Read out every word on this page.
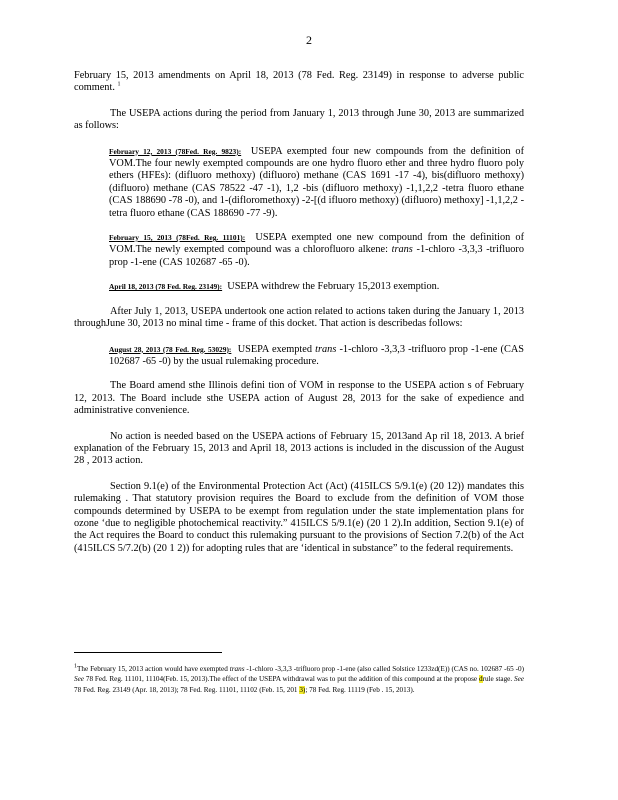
2

February 15, 2013 amendments on April 18, 2013 (78 Fed. Reg. 23149) in response to adverse public comment. $^1$

The USEPA actions during the period from January 1, 2013 through June 30, 2013 are summarized as follows:

February 12, 2013 (78Fed. Reg. 9823): USEPA exempted four new compounds from the definition of VOM.The four newly exempted compounds are one hydro fluoro ether and three hydro fluoro poly ethers (HFEs): (difluoro methoxy) (difluoro) methane (CAS 1691 -17 -4), bis(difluoro methoxy) (difluoro) methane (CAS 78522 -47 -1), 1,2 -bis (difluoro methoxy) -1,1,2,2 -tetra fluoro ethane (CAS 188690 -78 -0), and 1-(difloromethoxy) -2-[(d ifluoro methoxy) (difluoro) methoxy] -1,1,2,2 -tetra fluoro ethane (CAS 188690 -77 -9).

February 15, 2013 (78Fed. Reg. 11101): USEPA exempted one new compound from the definition of VOM.The newly exempted compound was a chlorofluoro alkene: trans -1-chloro -3,3,3 -trifluoro prop -1-ene (CAS 102687 -65 -0).

April 18, 2013 (78 Fed. Reg. 23149): USEPA withdrew the February 15,2013 exemption.

After July 1, 2013, USEPA undertook one action related to actions taken during the January 1, 2013 throughJune 30, 2013 no minal time - frame of this docket. That action is describedas follows:

August 28, 2013 (78 Fed. Reg. 53029): USEPA exempted trans -1-chloro -3,3,3 -trifluoro prop -1-ene (CAS 102687 -65 -0) by the usual rulemaking procedure.

The Board amend sthe Illinois defini tion of VOM in response to the USEPA action s of February 12, 2013. The Board include sthe USEPA action of August 28, 2013 for the sake of expedience and administrative convenience.

No action is needed based on the USEPA actions of February 15, 2013and Ap ril 18, 2013. A brief explanation of the February 15, 2013 and April 18, 2013 actions is included in the discussion of the August 28 , 2013 action.

Section 9.1(e) of the Environmental Protection Act (Act) (415ILCS 5/9.1(e) (20 12)) mandates this rulemaking . That statutory provision requires the Board to exclude from the definition of VOM those compounds determined by USEPA to be exempt from regulation under the state implementation plans for ozone ‘due to negligible photochemical reactivity.” 415ILCS 5/9.1(e) (20 1 2).In addition, Section 9.1(e) of the Act requires the Board to conduct this rulemaking pursuant to the provisions of Section 7.2(b) of the Act (415ILCS 5/7.2(b) (20 1 2)) for adopting rules that are ‘identical in substance” to the federal requirements.

$^1$The February 15, 2013 action would have exempted trans -1-chloro -3,3,3 -trifluoro prop -1-ene (also called Solstice 1233zd(E)) (CAS no. 102687 -65 -0) See 78 Fed. Reg. 11101, 11104(Feb. 15, 2013).The effect of the USEPA withdrawal was to put the addition of this compound at the propose drule stage. See 78 Fed. Reg. 23149 (Apr. 18, 2013); 78 Fed. Reg. 11101, 11102 (Feb. 15, 201 3); 78 Fed. Reg. 11119 (Feb . 15, 2013).
